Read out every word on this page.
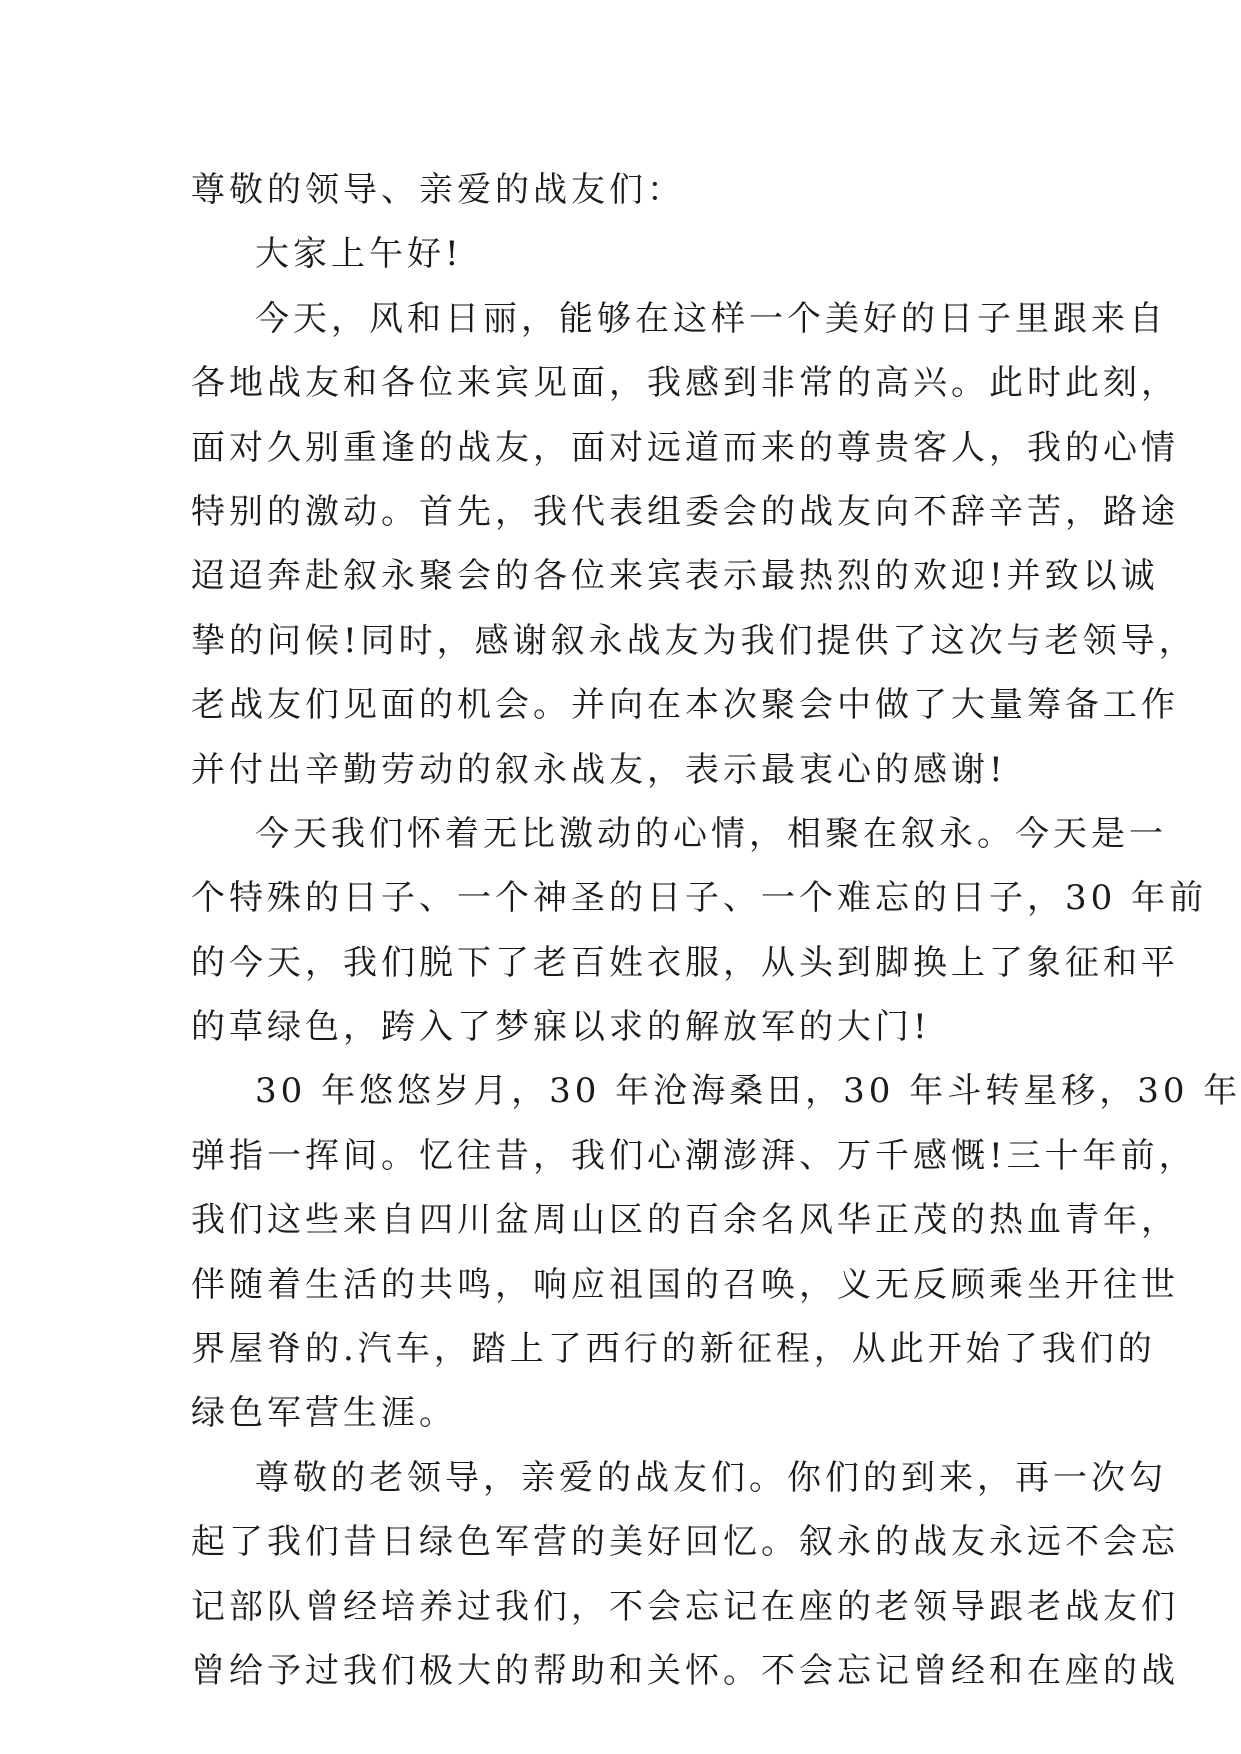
尊敬的领导、亲爱的战友们：
大家上午好!
今天，风和日丽，能够在这样一个美好的日子里跟来自
各地战友和各位来宾见面，我感到非常的高兴。此时此刻，
面对久别重逢的战友，面对远道而来的尊贵客人，我的心情
特别的激动。首先，我代表组委会的战友向不辞辛苦，路途
迢迢奔赴叙永聚会的各位来宾表示最热烈的欢迎!并致以诚
挚的问候!同时，感谢叙永战友为我们提供了这次与老领导，
老战友们见面的机会。并向在本次聚会中做了大量筹备工作
并付出辛勤劳动的叙永战友，表示最衷心的感谢!
今天我们怀着无比激动的心情，相聚在叙永。今天是一
个特殊的日子、一个神圣的日子、一个难忘的日子，30 年前
的今天，我们脱下了老百姓衣服，从头到脚换上了象征和平
的草绿色，跨入了梦寐以求的解放军的大门!
30 年悠悠岁月，30 年沧海桑田，30 年斗转星移，30 年
弹指一挥间。忆往昔，我们心潮澎湃、万千感慨!三十年前，
我们这些来自四川盆周山区的百余名风华正茂的热血青年，
伴随着生活的共鸣，响应祖国的召唤，义无反顾乘坐开往世
界屋脊的.汽车，踏上了西行的新征程，从此开始了我们的
绿色军营生涯。
尊敬的老领导，亲爱的战友们。你们的到来，再一次勾
起了我们昔日绿色军营的美好回忆。叙永的战友永远不会忘
记部队曾经培养过我们，不会忘记在座的老领导跟老战友们
曾给予过我们极大的帮助和关怀。不会忘记曾经和在座的战
